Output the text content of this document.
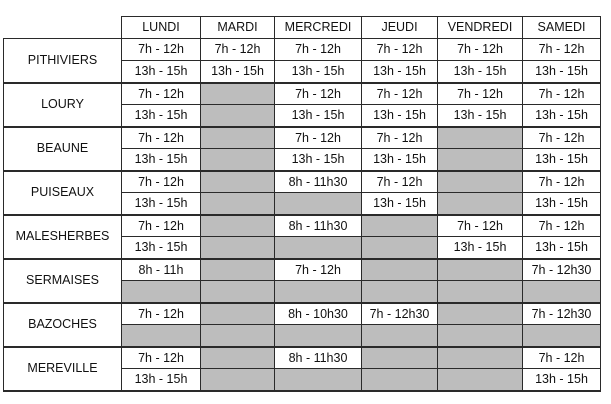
	LUNDI	MARDI	MERCREDI	JEUDI	VENDREDI	SAMEDI
PITHIVIERS	7h - 12h	7h - 12h	7h - 12h	7h - 12h	7h - 12h	7h - 12h
	13h - 15h	13h - 15h	13h - 15h	13h - 15h	13h - 15h	13h - 15h
LOURY	7h - 12h		7h - 12h	7h - 12h	7h - 12h	7h - 12h
	13h - 15h		13h - 15h	13h - 15h	13h - 15h	13h - 15h
BEAUNE	7h - 12h		7h - 12h	7h - 12h		7h - 12h
	13h - 15h		13h - 15h	13h - 15h		13h - 15h
PUISEAUX	7h - 12h		8h - 11h30	7h - 12h		7h - 12h
	13h - 15h			13h - 15h		13h - 15h
MALESHERBES	7h - 12h		8h - 11h30		7h - 12h	7h - 12h
	13h - 15h				13h - 15h	13h - 15h
SERMAISES	8h - 11h		7h - 12h			7h - 12h30

BAZOCHES	7h - 12h		8h - 10h30	7h - 12h30		7h - 12h30

MEREVILLE	7h - 12h		8h - 11h30			7h - 12h
	13h - 15h					13h - 15h
